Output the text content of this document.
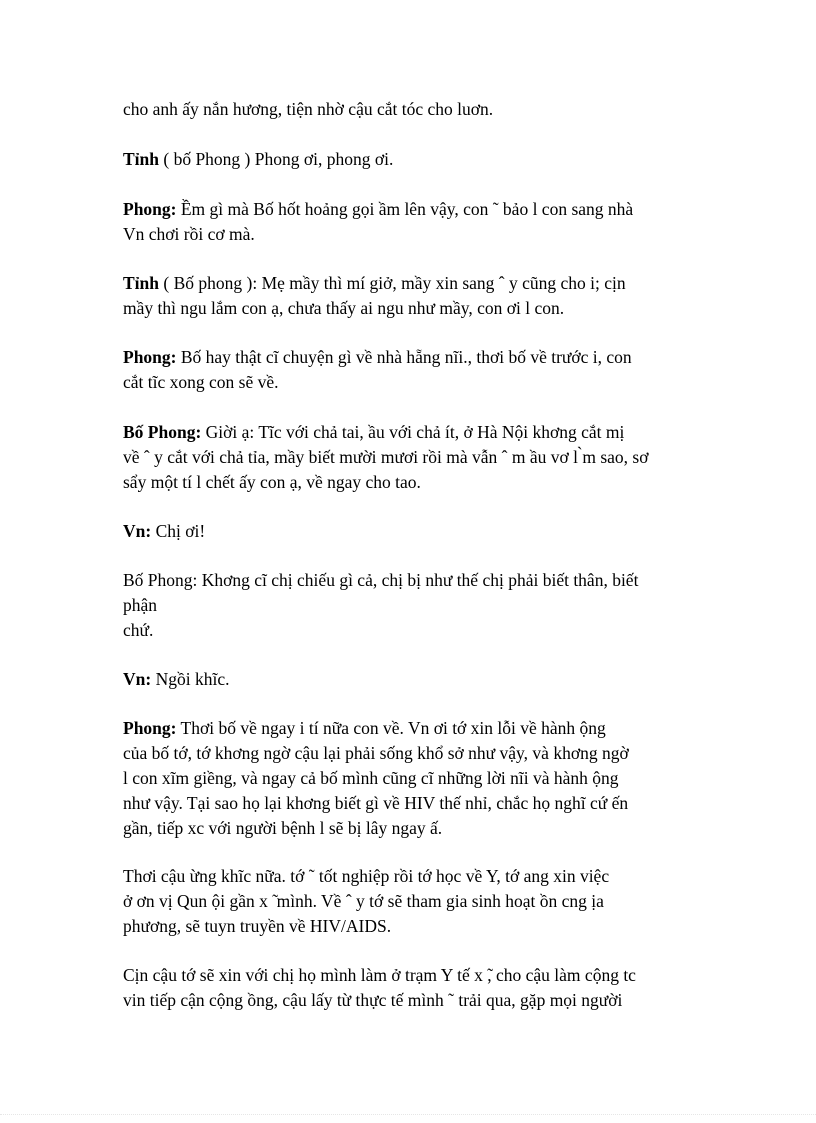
cho anh ấy nắn hương, tiện nhờ cậu cắt tóc cho luơn.

Tỉnh ( bố Phong ) Phong ơi, phong ơi.

Phong: Ềm gì mà Bố hốt hoảng gọi ầm lên vậy, con ˜ bảo l con sang nhà

Vn chơi rồi cơ mà.

Tỉnh ( Bố phong ): Mẹ mầy thì mí giở, mầy xin sang ˆ y cũng cho i; cịn

mầy thì ngu lắm con ạ, chưa thấy ai ngu như mầy, con ơi l con.

Phong: Bố hay thật cĩ chuyện gì về nhà hẵng nĩi., thơi bố về trước i, con

cắt tĩc xong con sẽ về.

Bố Phong: Giời ạ: Tĩc với chả tai, ầu với chả ít, ở Hà Nội khơng cắt mị

về ˆ y cắt với chả tỉa, mầy biết mười mươi rồi mà vẫn ˆ m ầu vơ l ̀m sao, sơ

sẩy một tí l chết ấy con ạ, về ngay cho tao.

Vn: Chị ơi!

Bố Phong: Khơng cĩ chị chiếu gì cả, chị bị như thế chị phải biết thân, biết

phận

chứ.

Vn: Ngồi khĩc.

Phong: Thơi bố về ngay i tí nữa con về. Vn ơi tớ xin lỗi về hành ộng

của bố tớ, tớ khơng ngờ cậu lại phải sống khổ sở như vậy, và khơng ngờ

l con xĩm giềng, và ngay cả bố mình cũng cĩ những lời nĩi và hành ộng

như vậy. Tại sao họ lại khơng biết gì về HIV thế nhỉ, chắc họ nghĩ cứ ến

gần, tiếp xc với người bệnh l sẽ bị lây ngay ấ.

Thơi cậu ừng khĩc nữa. tớ ˜ tốt nghiệp rồi tớ học về Y, tớ ang xin việc

ở ơn vị Qun ội gần x ̃ mình. Về ˆ y tớ sẽ tham gia sinh hoạt ồn cng ịa

phương, sẽ tuyn truyền về HIV/AIDS.

Cịn cậu tớ sẽ xin với chị họ mình làm ở trạm Y tế x ̃, cho cậu làm cộng tc

vin tiếp cận cộng ồng, cậu lấy từ thực tế mình ˜ trải qua, gặp mọi người
